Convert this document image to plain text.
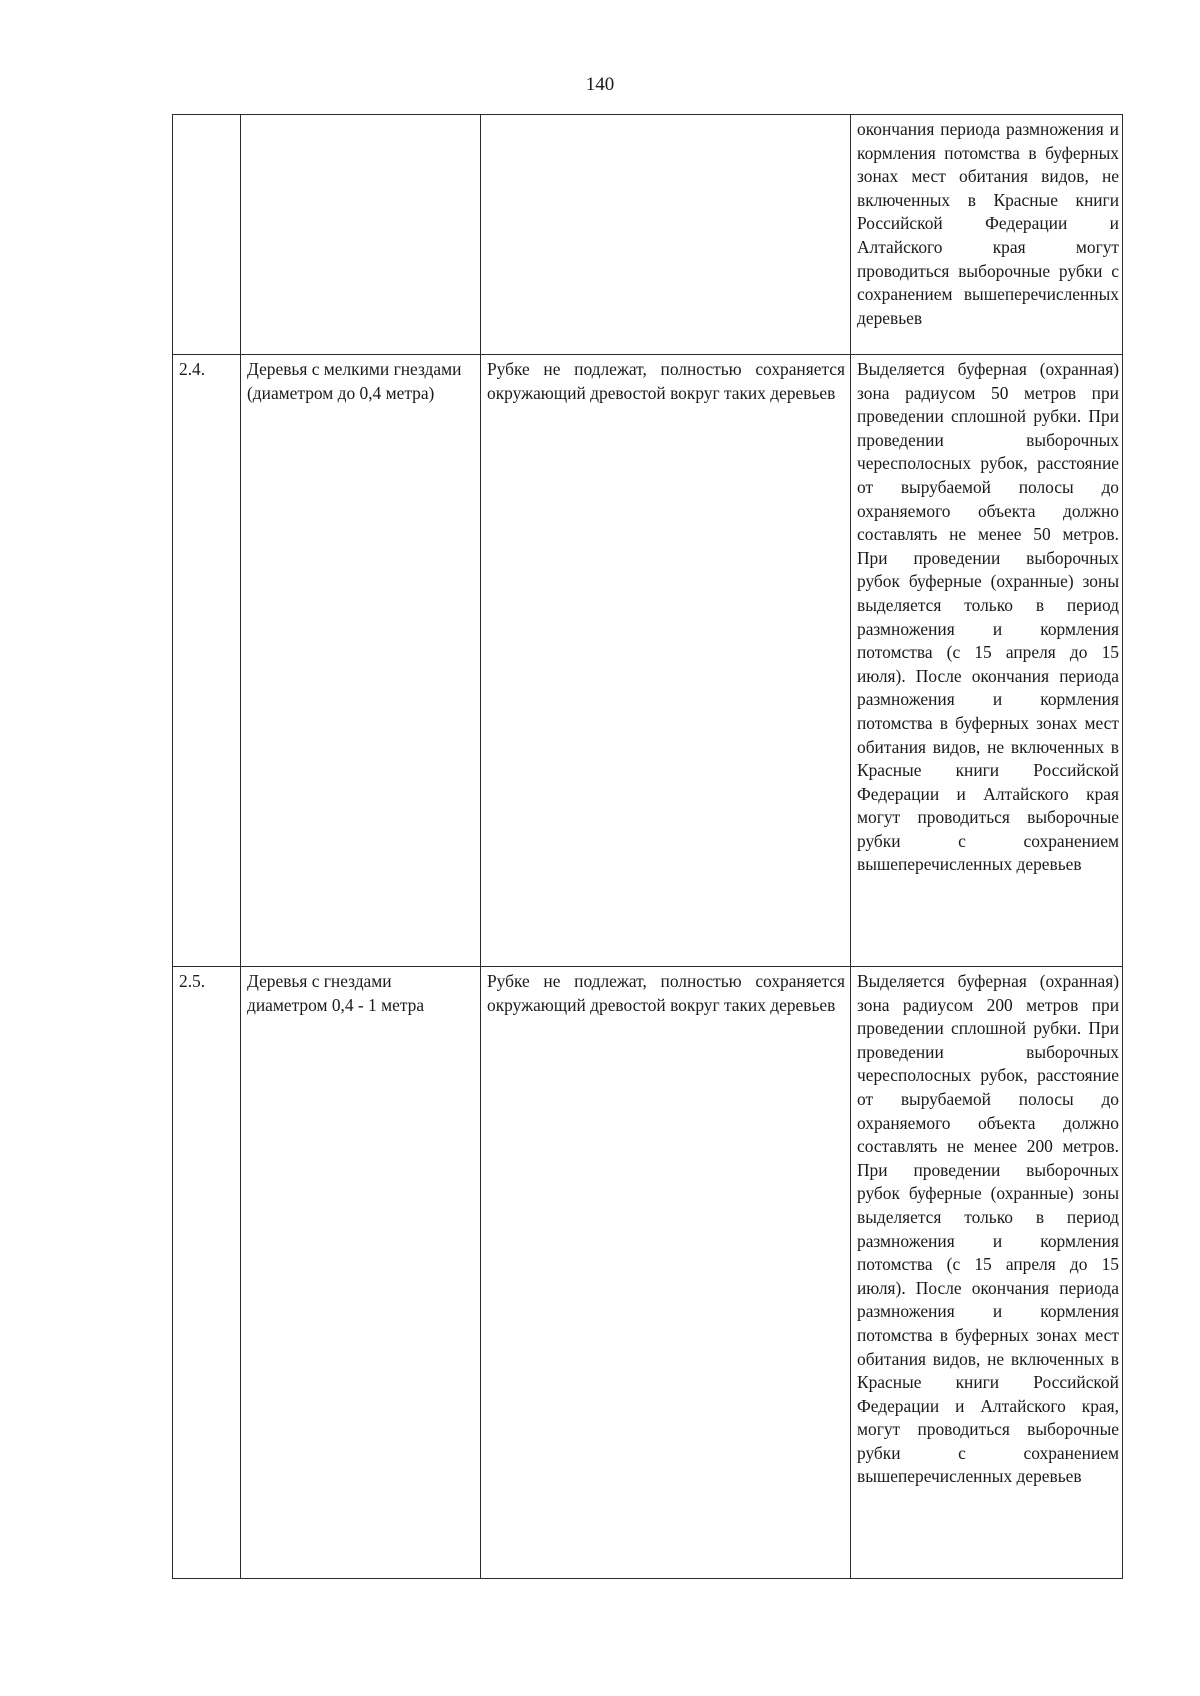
140
			окончания периода размножения и кормления потомства в буферных зонах мест обитания видов, не включенных в Красные книги Российской Федерации и Алтайского края могут проводиться выборочные рубки с сохранением вышеперечисленных деревьев
2.4.	Деревья с мелкими гнездами (диаметром до 0,4 метра)	Рубке не подлежат, полностью сохраняется окружающий древостой вокруг таких деревьев	Выделяется буферная (охранная) зона радиусом 50 метров при проведении сплошной рубки. При проведении выборочных чересполосных рубок, расстояние от вырубаемой полосы до охраняемого объекта должно составлять не менее 50 метров. При проведении выборочных рубок буферные (охранные) зоны выделяется только в период размножения и кормления потомства (с 15 апреля до 15 июля). После окончания периода размножения и кормления потомства в буферных зонах мест обитания видов, не включенных в Красные книги Российской Федерации и Алтайского края могут проводиться выборочные рубки с сохранением вышеперечисленных деревьев
2.5.	Деревья с гнездами диаметром 0,4 - 1 метра	Рубке не подлежат, полностью сохраняется окружающий древостой вокруг таких деревьев	Выделяется буферная (охранная) зона радиусом 200 метров при проведении сплошной рубки. При проведении выборочных чересполосных рубок, расстояние от вырубаемой полосы до охраняемого объекта должно составлять не менее 200 метров. При проведении выборочных рубок буферные (охранные) зоны выделяется только в период размножения и кормления потомства (с 15 апреля до 15 июля). После окончания периода размножения и кормления потомства в буферных зонах мест обитания видов, не включенных в Красные книги Российской Федерации и Алтайского края, могут проводиться выборочные рубки с сохранением вышеперечисленных деревьев
